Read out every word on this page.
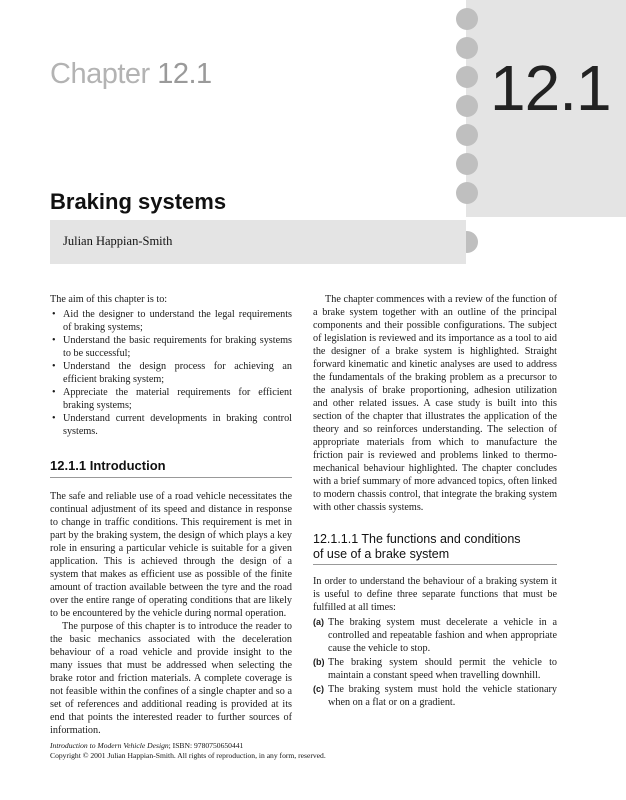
12.1
Chapter 12.1
Braking systems
Julian Happian-Smith

The aim of this chapter is to:

• Aid the designer to understand the legal requirements of braking systems;
• Understand the basic requirements for braking systems to be successful;
• Understand the design process for achieving an efficient braking system;
• Appreciate the material requirements for efficient braking systems;
• Understand current developments in braking control systems.
12.1.1 Introduction

The safe and reliable use of a road vehicle necessitates the continual adjustment of its speed and distance in response to change in traffic conditions. This requirement is met in part by the braking system, the design of which plays a key role in ensuring a particular vehicle is suitable for a given application. This is achieved through the design of a system that makes as efficient use as possible of the finite amount of traction available between the tyre and the road over the entire range of operating conditions that are likely to be encountered by the vehicle during normal operation.

The purpose of this chapter is to introduce the reader to the basic mechanics associated with the deceleration behaviour of a road vehicle and provide insight to the many issues that must be addressed when selecting the brake rotor and friction materials. A complete coverage is not feasible within the confines of a single chapter and so a set of references and additional reading is provided at its end that points the interested reader to further sources of information.

The chapter commences with a review of the function of a brake system together with an outline of the principal components and their possible configurations. The subject of legislation is reviewed and its importance as a tool to aid the designer of a brake system is highlighted. Straight forward kinematic and kinetic analyses are used to address the fundamentals of the braking problem as a precursor to the analysis of brake proportioning, adhesion utilization and other related issues. A case study is built into this section of the chapter that illustrates the application of the theory and so reinforces understanding. The selection of appropriate materials from which to manufacture the friction pair is reviewed and problems linked to thermo-mechanical behaviour highlighted. The chapter concludes with a brief summary of more advanced topics, often linked to modern chassis control, that integrate the braking system with other chassis systems.

12.1.1.1 The functions and conditions
of use of a brake system

In order to understand the behaviour of a braking system it is useful to define three separate functions that must be fulfilled at all times:

(a) The braking system must decelerate a vehicle in a controlled and repeatable fashion and when appropriate cause the vehicle to stop.
(b) The braking system should permit the vehicle to maintain a constant speed when travelling downhill.
(c) The braking system must hold the vehicle stationary when on a flat or on a gradient.
Introduction to Modern Vehicle Design; ISBN: 9780750650441
Copyright © 2001 Julian Happian-Smith. All rights of reproduction, in any form, reserved.
